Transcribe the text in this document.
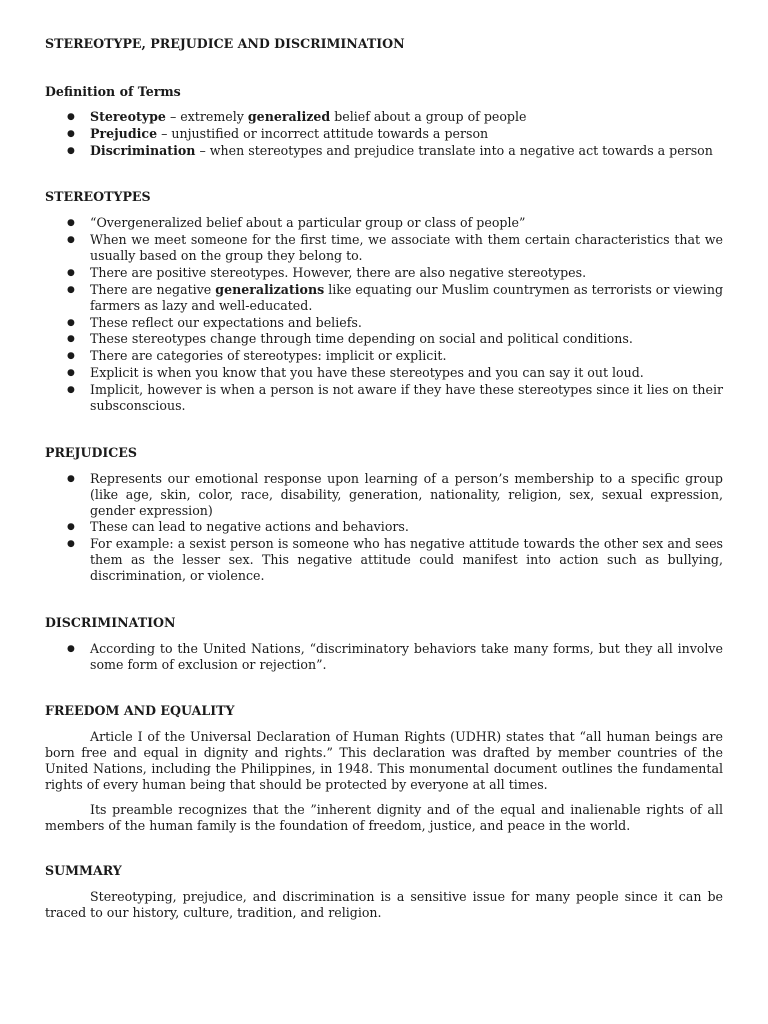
STEREOTYPE, PREJUDICE AND DISCRIMINATION
Definition of Terms
● Stereotype – extremely generalized belief about a group of people
● Prejudice – unjustified or incorrect attitude towards a person
● Discrimination – when stereotypes and prejudice translate into a negative act towards a person
STEREOTYPES
● “Overgeneralized belief about a particular group or class of people”
● When we meet someone for the first time, we associate with them certain characteristics that we usually based on the group they belong to.
● There are positive stereotypes. However, there are also negative stereotypes.
● There are negative generalizations like equating our Muslim countrymen as terrorists or viewing farmers as lazy and well-educated.
● These reflect our expectations and beliefs.
● These stereotypes change through time depending on social and political conditions.
● There are categories of stereotypes: implicit or explicit.
● Explicit is when you know that you have these stereotypes and you can say it out loud.
● Implicit, however is when a person is not aware if they have these stereotypes since it lies on their subsconscious.
PREJUDICES
● Represents our emotional response upon learning of a person’s membership to a specific group (like age, skin, color, race, disability, generation, nationality, religion, sex, sexual expression, gender expression)
● These can lead to negative actions and behaviors.
● For example: a sexist person is someone who has negative attitude towards the other sex and sees them as the lesser sex. This negative attitude could manifest into action such as bullying, discrimination, or violence.
DISCRIMINATION
● According to the United Nations, “discriminatory behaviors take many forms, but they all involve some form of exclusion or rejection”.
FREEDOM AND EQUALITY

Article I of the Universal Declaration of Human Rights (UDHR) states that “all human beings are born free and equal in dignity and rights.” This declaration was drafted by member countries of the United Nations, including the Philippines, in 1948. This monumental document outlines the fundamental rights of every human being that should be protected by everyone at all times.

Its preamble recognizes that the ”inherent dignity and of the equal and inalienable rights of all members of the human family is the foundation of freedom, justice, and peace in the world.

SUMMARY

Stereotyping, prejudice, and discrimination is a sensitive issue for many people since it can be traced to our history, culture, tradition, and religion.
